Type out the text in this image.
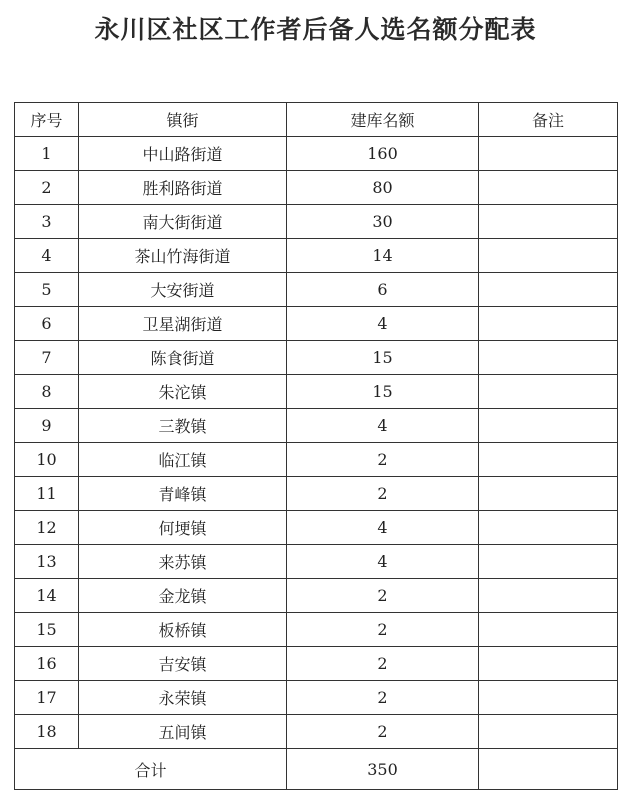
永川区社区工作者后备人选名额分配表
序号	镇街	建库名额	备注
1	中山路街道	160	
2	胜利路街道	80	
3	南大街街道	30	
4	茶山竹海街道	14	
5	大安街道	6	
6	卫星湖街道	4	
7	陈食街道	15	
8	朱沱镇	15	
9	三教镇	4	
10	临江镇	2	
11	青峰镇	2	
12	何埂镇	4	
13	来苏镇	4	
14	金龙镇	2	
15	板桥镇	2	
16	吉安镇	2	
17	永荣镇	2	
18	五间镇	2	
合计		350	
